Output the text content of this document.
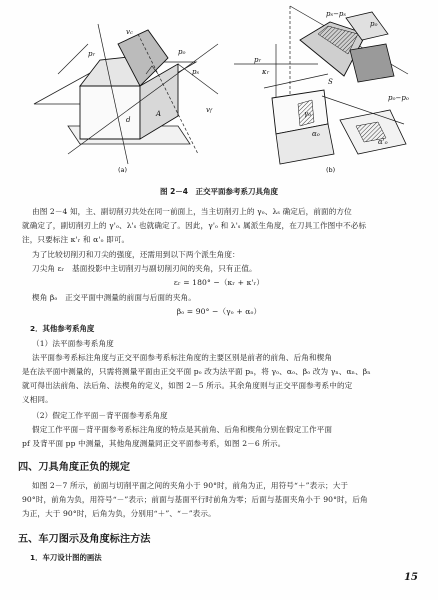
vc
pr	po
ps
A
d
vf
(a)
ps−ps
po
pr
κr
S
po−po
γo
αo
α'o
(b)
图 2－4　正交平面参考系刀具角度
由图 2－4 知，主、副切削刃共处在同一前面上，当主切削刃上的 γₒ、λₛ 确定后，前面的方位
就确定了，副切削刃上的 γ'ₒ、λ'ₛ 也就确定了。因此，γ'ₒ 和 λ'ₛ 属派生角度，在刀具工作图中不必标
注，只要标注 κ'ᵣ 和 α'ₒ 即可。
为了比较切削刃和刀尖的强度，还需用到以下两个派生角度：
刀尖角 εᵣ　基面投影中主切削刃与副切削刃间的夹角，只有正值。
εᵣ = 180° −（κᵣ + κ'ᵣ）
楔角 βₒ　正交平面中测量的前面与后面的夹角。
βₒ = 90° −（γₒ + αₒ）
2．其他参考系角度
（1）法平面参考系角度
法平面参考系标注角度与正交平面参考系标注角度的主要区别是前者的前角、后角和楔角
是在法平面中测量的，只需将测量平面由正交平面 pₒ 改为法平面 pₙ，将 γₒ、αₒ、βₒ 改为 γₙ、αₙ、βₙ
就可得出法前角、法后角、法楔角的定义，如图 2－5 所示。其余角度则与正交平面参考系中的定
义相同。
（2）假定工作平面－背平面参考系角度
假定工作平面－背平面参考系标注角度的特点是其前角、后角和楔角分别在假定工作平面
pf 及背平面 pp 中测量，其他角度测量同正交平面参考系，如图 2－6 所示。
四、刀具角度正负的规定
如图 2－7 所示，前面与切削平面之间的夹角小于 90°时，前角为正，用符号“＋”表示；大于
90°时，前角为负，用符号“－”表示；前面与基面平行时前角为零；后面与基面夹角小于 90°时，后角
为正，大于 90°时，后角为负，分别用“＋”、“－”表示。
五、车刀图示及角度标注方法
1．车刀设计图的画法
15
